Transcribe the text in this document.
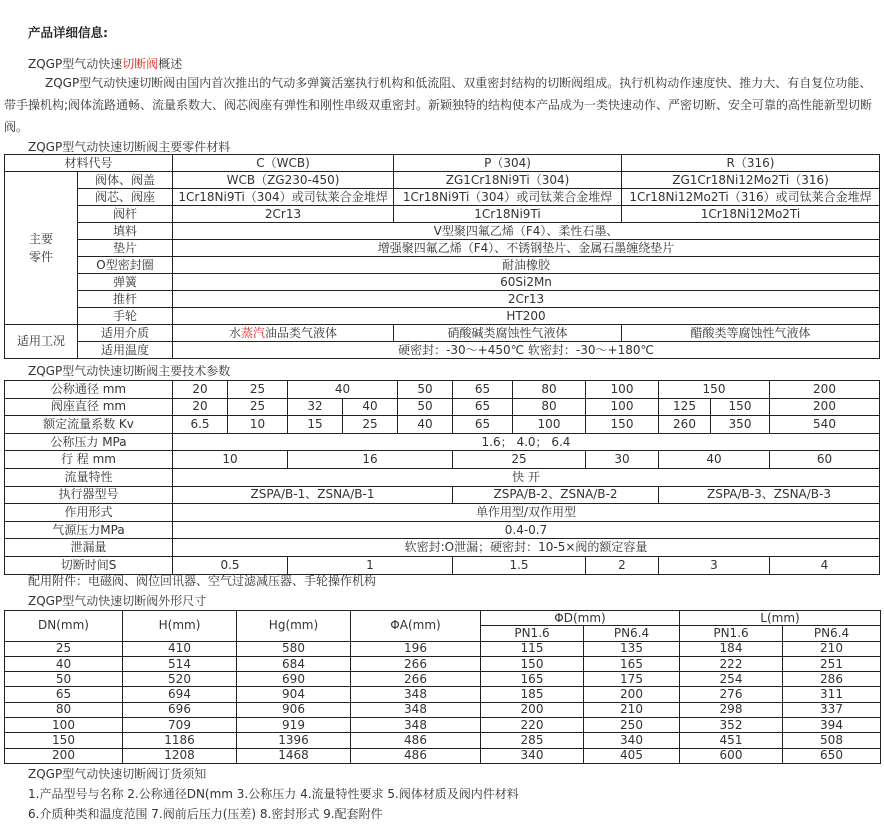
产品详细信息:
ZQGP型气动快速切断阀概述
ZQGP型气动快速切断阀由国内首次推出的气动多弹簧活塞执行机构和低流阻、双重密封结构的切断阀组成。执行机构动作速度快、推力大、有自复位功能、
带手操机构;阀体流路通畅、流量系数大、阀芯阀座有弹性和刚性串级双重密封。新颖独特的结构使本产品成为一类快速动作、严密切断、安全可靠的高性能新型切断
阀。
ZQGP型气动快速切断阀主要零件材料
材料代号		C（WCB)	P（304)	R（316)

主要
零件	阀体、阀盖	WCB（ZG230-450)	ZG1Cr18Ni9Ti（304)	ZG1Cr18Ni12Mo2Ti（316)
	阀芯、阀座	1Cr18Ni9Ti（304）或司钛莱合金堆焊	1Cr18Ni9Ti（304）或司钛莱合金堆焊	1Cr18Ni12Mo2Ti（316）或司钛莱合金堆焊
	阀杆	2Cr13	1Cr18Ni9Ti	1Cr18Ni12Mo2Ti
	填料	V型聚四氟乙烯（F4）、柔性石墨、		
	垫片	增强聚四氟乙烯（F4）、不锈钢垫片、金属石墨缠绕垫片		
	O型密封圈	耐油橡胶		
	弹簧	60Si2Mn		
	推杆	2Cr13		
	手轮	HT200		
适用工况	适用介质	水蒸汽油品类气液体	硝酸碱类腐蚀性气液体	醋酸类等腐蚀性气液体
	适用温度	硬密封：-30～+450℃ 软密封：-30～+180℃		
ZQGP型气动快速切断阀主要技术参数
公称通径 mm	20	25	40		50	65	80	100	150		200
阀座直径 mm	20	25	32	40	50	65	80	100	125	150	200
额定流量系数 Kv	6.5	10	15	25	40	65	100	150	260	350	540
公称压力 MPa	1.6； 4.0； 6.4										
行 程 mm	10		16			25		30	40		60
流量特性	快 开										
执行器型号	ZSPA/B-1、ZSNA/B-1					ZSPA/B-2、ZSNA/B-2			ZSPA/B-3、ZSNA/B-3		
作用形式	单作用型/双作用型										
气源压力MPa	0.4-0.7										
泄漏量	软密封:O泄漏；硬密封：10-5×阀的额定容量										
切断时间S	0.5		1			1.5		2	3		4
配用附件：电磁阀、阀位回讯器、空气过滤减压器、手轮操作机构
ZQGP型气动快速切断阀外形尺寸
DN(mm)	H(mm)	Hg(mm)	ΦA(mm)	ΦD(mm)		L(mm)	
				PN1.6	PN6.4	PN1.6	PN6.4
25	410	580	196	115	135	184	210
40	514	684	266	150	165	222	251
50	520	690	266	165	175	254	286
65	694	904	348	185	200	276	311
80	696	906	348	200	210	298	337
100	709	919	348	220	250	352	394
150	1186	1396	486	285	340	451	508
200	1208	1468	486	340	405	600	650
ZQGP型气动快速切断阀订货须知
1.产品型号与名称 2.公称通径DN(mm 3.公称压力 4.流量特性要求 5.阀体材质及阀内件材料
6.介质种类和温度范围 7.阀前后压力(压差) 8.密封形式 9.配套附件
